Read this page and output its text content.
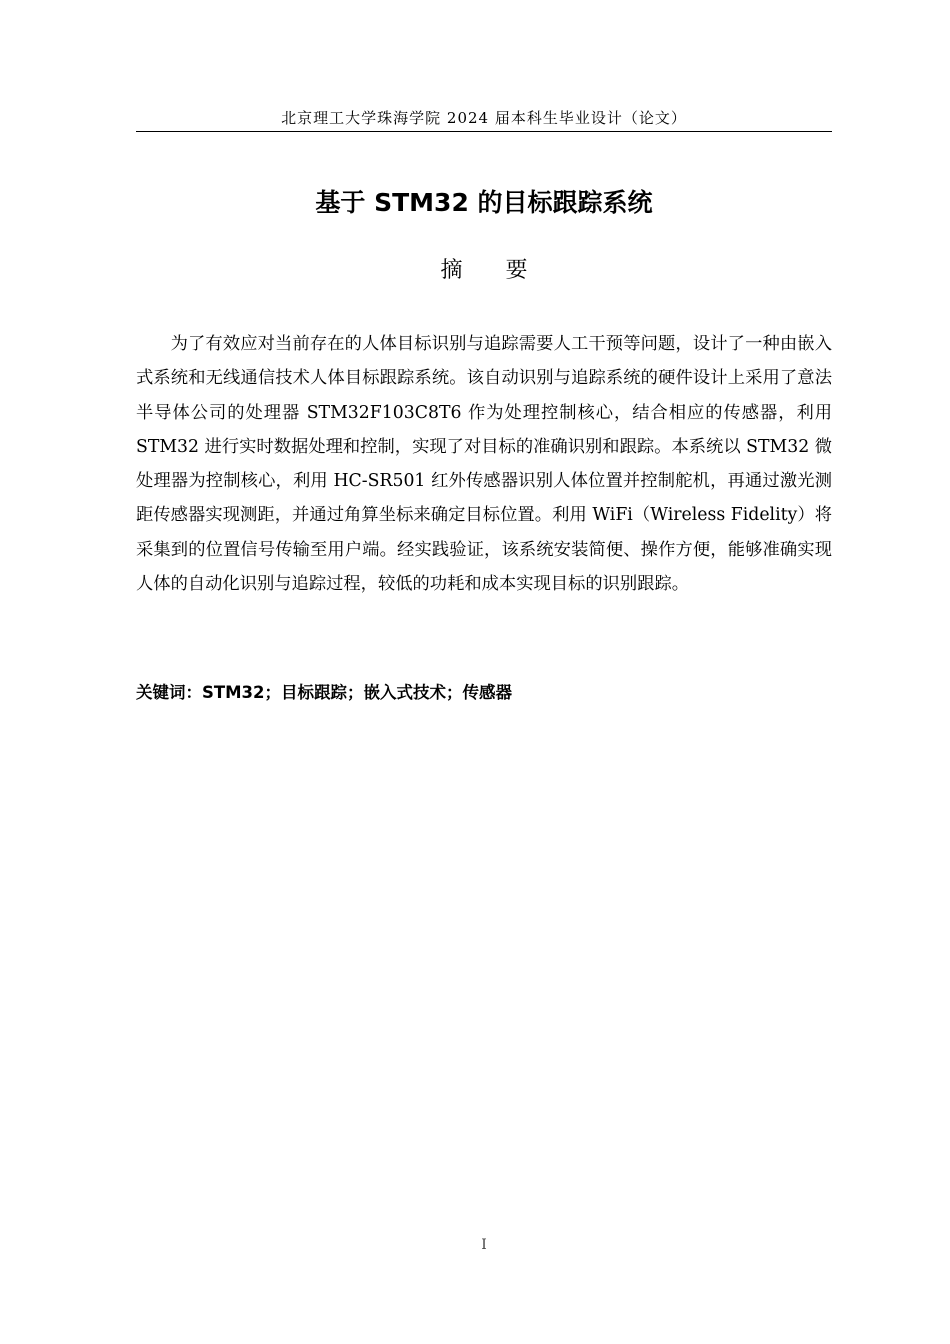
北京理工大学珠海学院 2024 届本科生毕业设计（论文）
基于 STM32 的目标跟踪系统
摘 要

为了有效应对当前存在的人体目标识别与追踪需要人工干预等问题，设计了一种由嵌入式系统和无线通信技术人体目标跟踪系统。该自动识别与追踪系统的硬件设计上采用了意法半导体公司的处理器 STM32F103C8T6 作为处理控制核心，结合相应的传感器，利用 STM32 进行实时数据处理和控制，实现了对目标的准确识别和跟踪。本系统以 STM32 微处理器为控制核心，利用 HC-SR501 红外传感器识别人体位置并控制舵机，再通过激光测距传感器实现测距，并通过角算坐标来确定目标位置。利用 WiFi（Wireless Fidelity）将采集到的位置信号传输至用户端。经实践验证，该系统安装简便、操作方便，能够准确实现人体的自动化识别与追踪过程，较低的功耗和成本实现目标的识别跟踪。

关键词：STM32；目标跟踪；嵌入式技术；传感器
I
